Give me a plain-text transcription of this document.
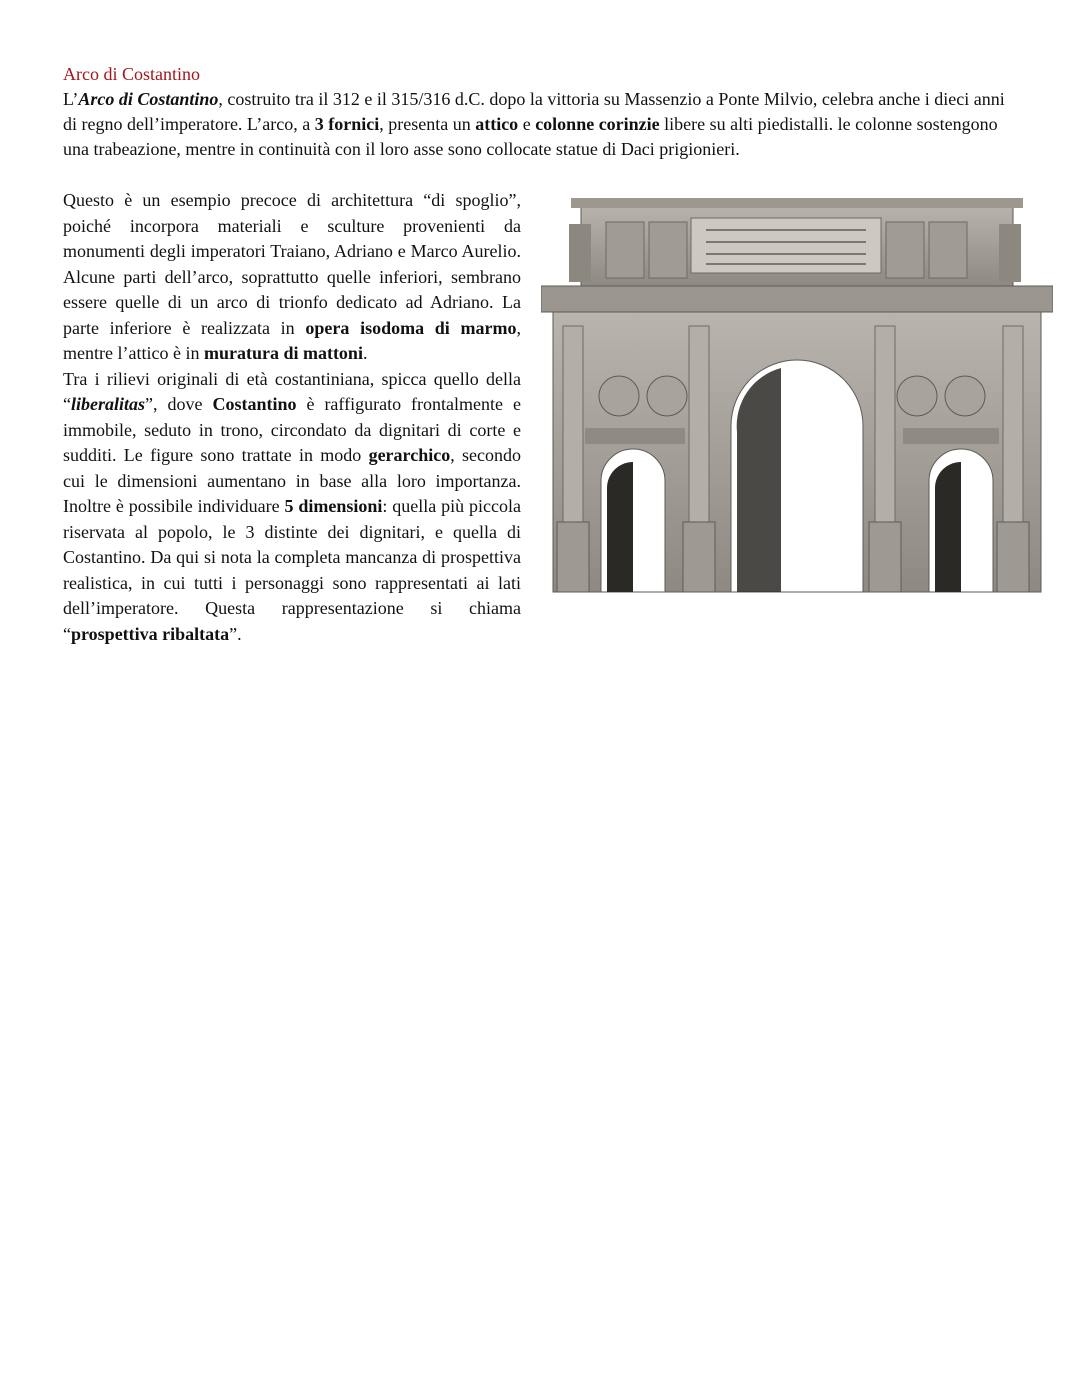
Arco di Costantino

L’Arco di Costantino, costruito tra il 312 e il 315/316 d.C. dopo la vittoria su Massenzio a Ponte Milvio, celebra anche i dieci anni di regno dell’imperatore. L’arco, a 3 fornici, presenta un attico e colonne corinzie libere su alti piedistalli. le colonne sostengono una trabeazione, mentre in continuità con il loro asse sono collocate statue di Daci prigionieri.

Questo è un esempio precoce di architettura “di spoglio”, poiché incorpora materiali e sculture provenienti da monumenti degli imperatori Traiano, Adriano e Marco Aurelio. Alcune parti dell’arco, soprattutto quelle inferiori, sembrano essere quelle di un arco di trionfo dedicato ad Adriano. La parte inferiore è realizzata in opera isodoma di marmo, mentre l’attico è in muratura di mattoni.

Tra i rilievi originali di età costantiniana, spicca quello della “liberalitas”, dove Costantino è raffigurato frontalmente e immobile, seduto in trono, circondato da dignitari di corte e sudditi. Le figure sono trattate in modo gerarchico, secondo cui le dimensioni aumentano in base alla loro importanza. Inoltre è possibile individuare 5 dimensioni: quella più piccola riservata al popolo, le 3 distinte dei dignitari, e quella di Costantino. Da qui si nota la completa mancanza di prospettiva realistica, in cui tutti i personaggi sono rappresentati ai lati dell’imperatore. Questa rappresentazione si chiama “prospettiva ribaltata”.
